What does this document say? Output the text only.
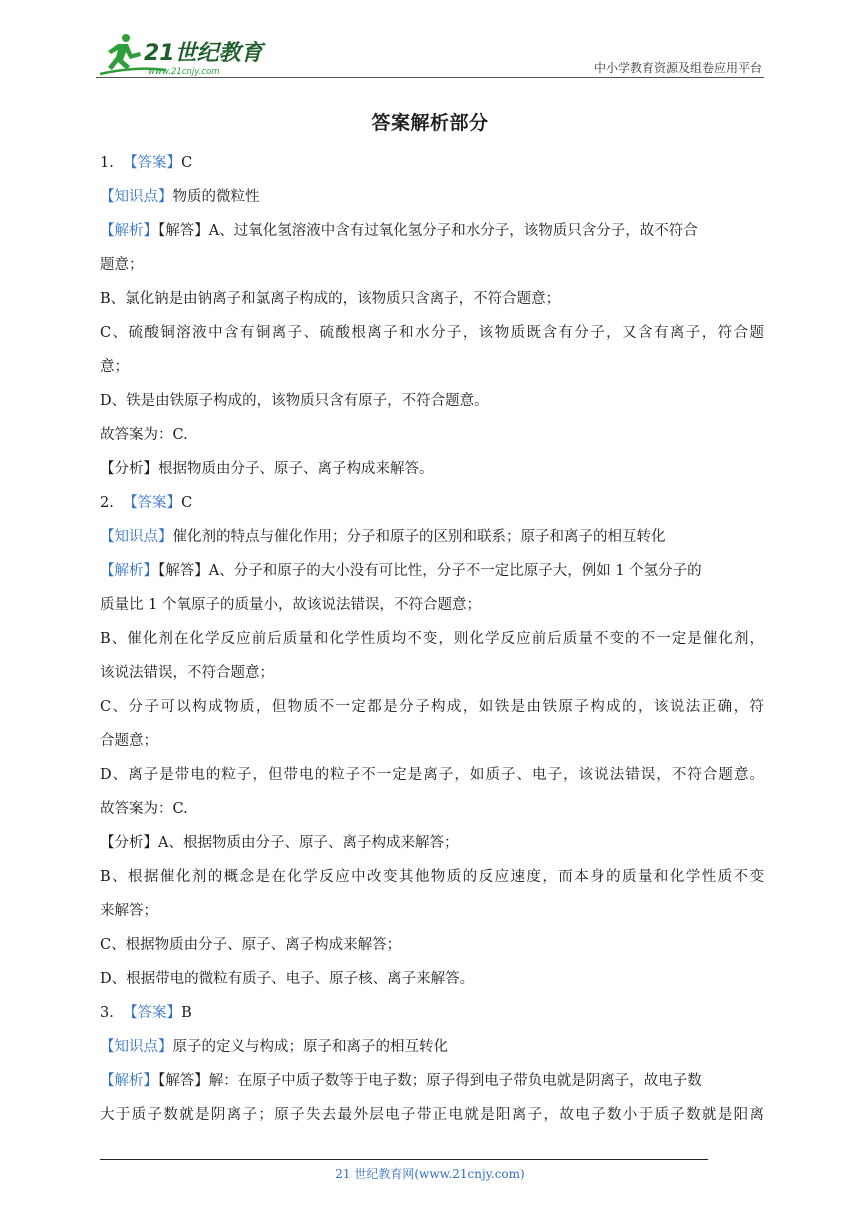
21世纪教育
www.21cnjy.com	中小学教育资源及组卷应用平台
答案解析部分
1. 【答案】C
【知识点】物质的微粒性
【解析】【解答】A、过氧化氢溶液中含有过氧化氢分子和水分子，该物质只含分子，故不符合
题意；
B、氯化钠是由钠离子和氯离子构成的，该物质只含离子，不符合题意；
C、硫酸铜溶液中含有铜离子、硫酸根离子和水分子，该物质既含有分子，又含有离子，符合题
意；
D、铁是由铁原子构成的，该物质只含有原子，不符合题意。
故答案为：C.
【分析】根据物质由分子、原子、离子构成来解答。
2. 【答案】C
【知识点】催化剂的特点与催化作用；分子和原子的区别和联系；原子和离子的相互转化
【解析】【解答】A、分子和原子的大小没有可比性，分子不一定比原子大，例如 1 个氢分子的
质量比 1 个氧原子的质量小，故该说法错误，不符合题意；
B、催化剂在化学反应前后质量和化学性质均不变，则化学反应前后质量不变的不一定是催化剂，
该说法错误，不符合题意；
C、分子可以构成物质，但物质不一定都是分子构成，如铁是由铁原子构成的，该说法正确，符
合题意；
D、离子是带电的粒子，但带电的粒子不一定是离子，如质子、电子，该说法错误，不符合题意。
故答案为：C.
【分析】A、根据物质由分子、原子、离子构成来解答；
B、根据催化剂的概念是在化学反应中改变其他物质的反应速度，而本身的质量和化学性质不变
来解答；
C、根据物质由分子、原子、离子构成来解答；
D、根据带电的微粒有质子、电子、原子核、离子来解答。
3. 【答案】B
【知识点】原子的定义与构成；原子和离子的相互转化
【解析】【解答】解：在原子中质子数等于电子数；原子得到电子带负电就是阴离子，故电子数
大于质子数就是阴离子；原子失去最外层电子带正电就是阳离子，故电子数小于质子数就是阳离
21 世纪教育网(www.21cnjy.com)
